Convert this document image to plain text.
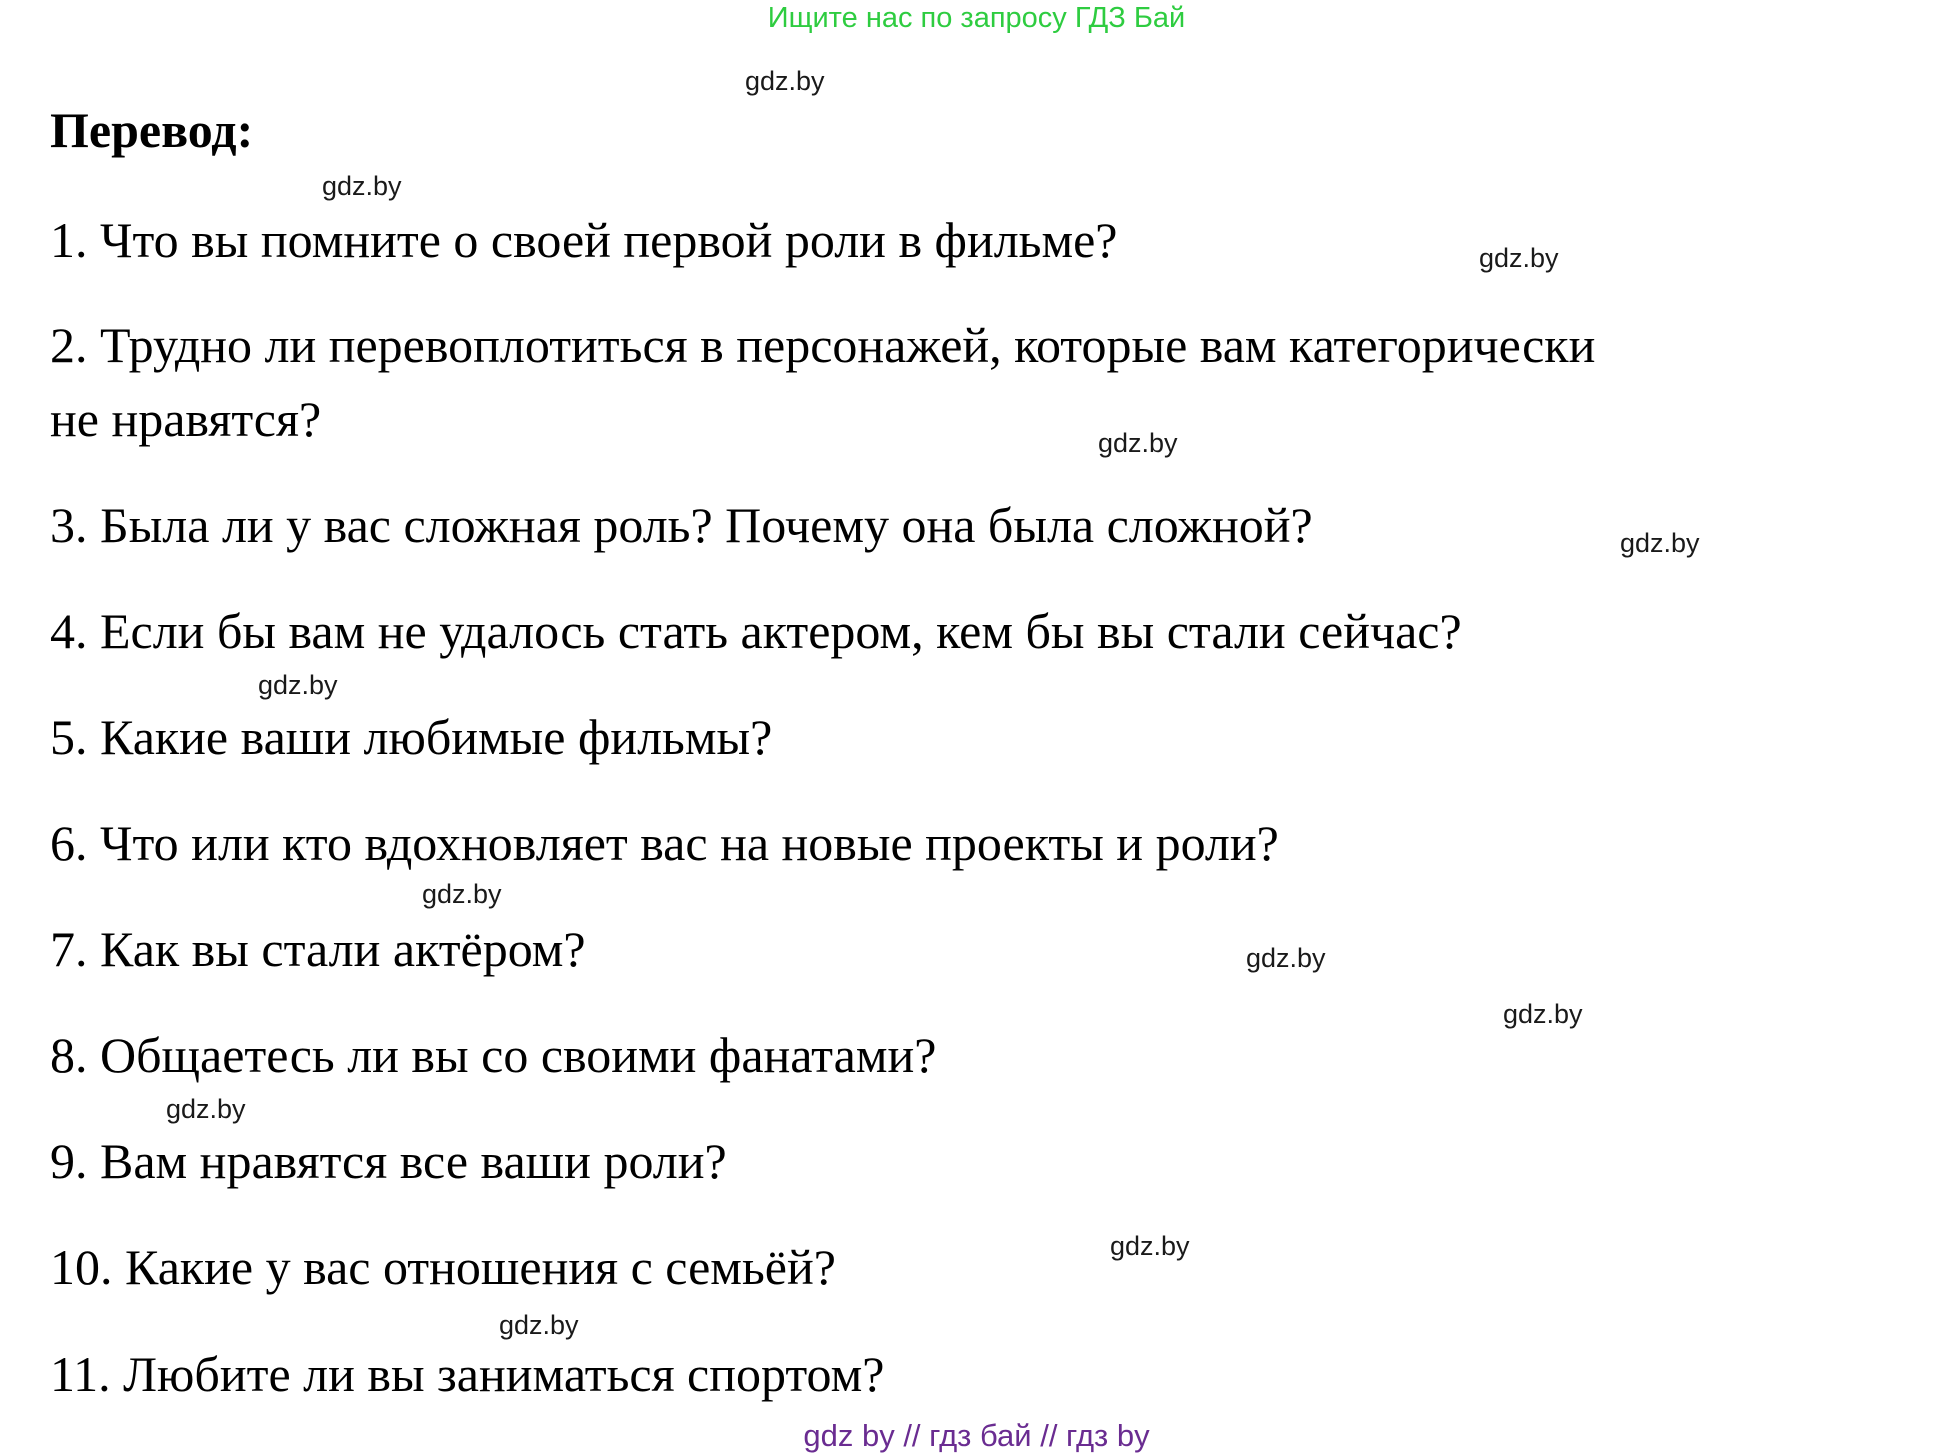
Ищите нас по запросу ГДЗ Бай
Перевод:
1. Что вы помните о своей первой роли в фильме?
2. Трудно ли перевоплотиться в персонажей, которые вам категорически
не нравятся?
3. Была ли у вас сложная роль? Почему она была сложной?
4. Если бы вам не удалось стать актером, кем бы вы стали сейчас?
5. Какие ваши любимые фильмы?
6. Что или кто вдохновляет вас на новые проекты и роли?
7. Как вы стали актёром?
8. Общаетесь ли вы со своими фанатами?
9. Вам нравятся все ваши роли?
10. Какие у вас отношения с семьёй?
11. Любите ли вы заниматься спортом?
gdz.by
gdz.by
gdz.by
gdz.by
gdz.by
gdz.by
gdz.by
gdz.by
gdz.by
gdz.by
gdz.by
gdz.by
gdz by // гдз бай // гдз by
